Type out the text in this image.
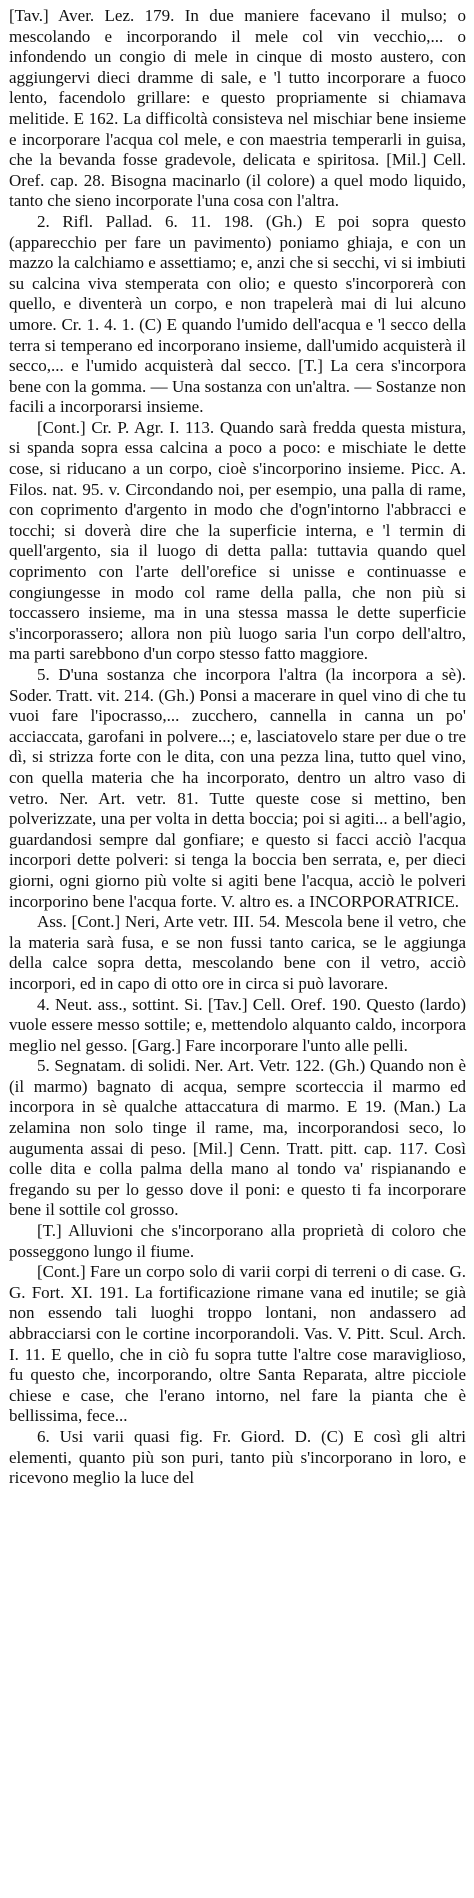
[Tav.] Aver. Lez. 179. In due maniere facevano il mulso; o mescolando e incorporando il mele col vin vecchio,... o infondendo un congio di mele in cinque di mosto austero, con aggiungervi dieci dramme di sale, e 'l tutto incorporare a fuoco lento, facendolo grillare: e questo propriamente si chiamava melitide. E 162. La difficoltà consisteva nel mischiar bene insieme e incorporare l'acqua col mele, e con maestria temperarli in guisa, che la bevanda fosse gradevole, delicata e spiritosa. [Mil.] Cell. Oref. cap. 28. Bisogna macinarlo (il colore) a quel modo liquido, tanto che sieno incorporate l'una cosa con l'altra.

2. Rifl. Pallad. 6. 11. 198. (Gh.) E poi sopra questo (apparecchio per fare un pavimento) poniamo ghiaja, e con un mazzo la calchiamo e assettiamo; e, anzi che si secchi, vi si imbiuti su calcina viva stemperata con olio; e questo s'incorporerà con quello, e diventerà un corpo, e non trapelerà mai di lui alcuno umore. Cr. 1. 4. 1. (C) E quando l'umido dell'acqua e 'l secco della terra si temperano ed incorporano insieme, dall'umido acquisterà il secco,... e l'umido acquisterà dal secco. [T.] La cera s'incorpora bene con la gomma. — Una sostanza con un'altra. — Sostanze non facili a incorporarsi insieme.

[Cont.] Cr. P. Agr. I. 113. Quando sarà fredda questa mistura, si spanda sopra essa calcina a poco a poco: e mischiate le dette cose, si riducano a un corpo, cioè s'incorporino insieme. Picc. A. Filos. nat. 95. v. Circondando noi, per esempio, una palla di rame, con coprimento d'argento in modo che d'ogn'intorno l'abbracci e tocchi; si doverà dire che la superficie interna, e 'l termin di quell'argento, sia il luogo di detta palla: tuttavia quando quel coprimento con l'arte dell'orefice si unisse e continuasse e congiungesse in modo col rame della palla, che non più si toccassero insieme, ma in una stessa massa le dette superficie s'incorporassero; allora non più luogo saria l'un corpo dell'altro, ma parti sarebbono d'un corpo stesso fatto maggiore.

5. D'una sostanza che incorpora l'altra (la incorpora a sè). Soder. Tratt. vit. 214. (Gh.) Ponsi a macerare in quel vino di che tu vuoi fare l'ipocrasso,... zucchero, cannella in canna un po' acciaccata, garofani in polvere...; e, lasciatovelo stare per due o tre dì, si strizza forte con le dita, con una pezza lina, tutto quel vino, con quella materia che ha incorporato, dentro un altro vaso di vetro. Ner. Art. vetr. 81. Tutte queste cose si mettino, ben polverizzate, una per volta in detta boccia; poi si agiti... a bell'agio, guardandosi sempre dal gonfiare; e questo si facci acciò l'acqua incorpori dette polveri: si tenga la boccia ben serrata, e, per dieci giorni, ogni giorno più volte si agiti bene l'acqua, acciò le polveri incorporino bene l'acqua forte. V. altro es. a INCORPORATRICE.

Ass. [Cont.] Neri, Arte vetr. III. 54. Mescola bene il vetro, che la materia sarà fusa, e se non fussi tanto carica, se le aggiunga della calce sopra detta, mescolando bene con il vetro, acciò incorpori, ed in capo di otto ore in circa si può lavorare.

4. Neut. ass., sottint. Si. [Tav.] Cell. Oref. 190. Questo (lardo) vuole essere messo sottile; e, mettendolo alquanto caldo, incorpora meglio nel gesso. [Garg.] Fare incorporare l'unto alle pelli.

5. Segnatam. di solidi. Ner. Art. Vetr. 122. (Gh.) Quando non è (il marmo) bagnato di acqua, sempre scortecciа il marmo ed incorpora in sè qualche attaccatura di marmo. E 19. (Man.) La zelamina non solo tinge il rame, ma, incorporandosi seco, lo augumenta assai di peso. [Mil.] Cenn. Tratt. pitt. cap. 117. Così colle dita e colla palma della mano al tondo va' rispianando e fregando su per lo gesso dove il poni: e questo ti fa incorporare bene il sottile col grosso.

[T.] Alluvioni che s'incorporano alla proprietà di coloro che posseggono lungo il fiume.

[Cont.] Fare un corpo solo di varii corpi di terreni o di case. G. G. Fort. XI. 191. La fortificazione rimane vana ed inutile; se già non essendo tali luoghi troppo lontani, non andassero ad abbracciarsi con le cortine incorporandoli. Vas. V. Pitt. Scul. Arch. I. 11. E quello, che in ciò fu sopra tutte l'altre cose maraviglioso, fu questo che, incorporando, oltre Santa Reparata, altre picciole chiese e case, che l'erano intorno, nel fare la pianta che è bellissima, fece...

6. Usi varii quasi fig. Fr. Giord. D. (C) E così gli altri elementi, quanto più son puri, tanto più s'incorporano in loro, e ricevono meglio la luce del
